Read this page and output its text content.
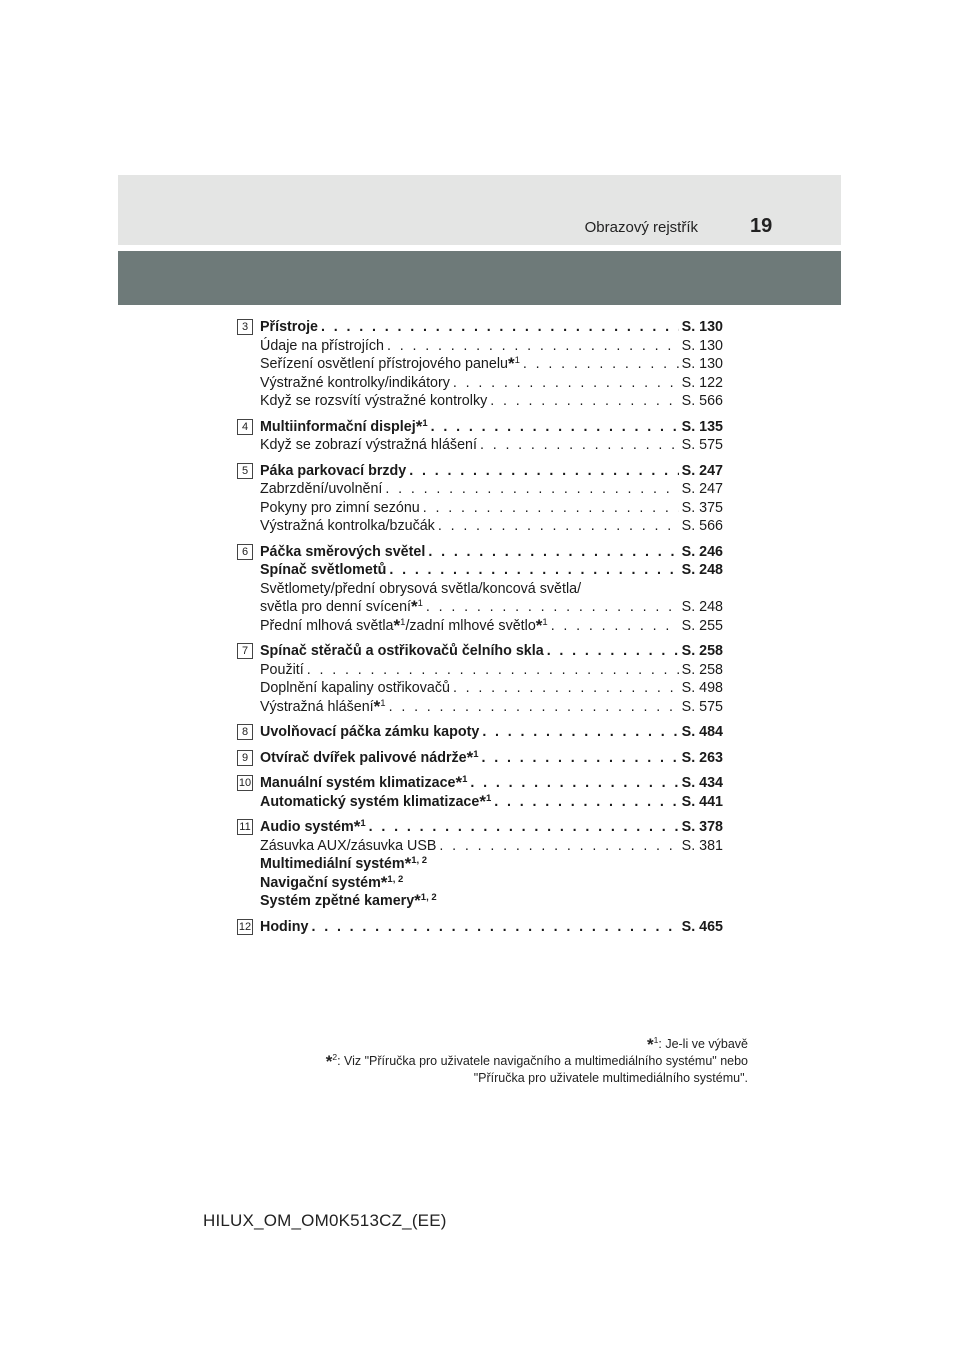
Obrazový rejstřík	19
3 Přístroje . . .	S. 130
Údaje na přístrojích . . .	S. 130
Seřízení osvětlení přístrojového panelu*$^1$ . . .	S. 130
Výstražné kontrolky/indikátory . . .	S. 122
Když se rozsvítí výstražné kontrolky . . .	S. 566
4 Multiinformační displej*$^1$ . . .	S. 135
Když se zobrazí výstražná hlášení . . .	S. 575
5 Páka parkovací brzdy . . .	S. 247
Zabrzdění/uvolnění . . .	S. 247
Pokyny pro zimní sezónu . . .	S. 375
Výstražná kontrolka/bzučák . . .	S. 566
6 Páčka směrových světel . . .	S. 246
Spínač světlometů . . .	S. 248
Světlomety/přední obrysová světla/koncová světla/
světla pro denní svícení*$^1$ . . .	S. 248
Přední mlhová světla*$^1$/zadní mlhové světlo*$^1$ . . .	S. 255
7 Spínač stěračů a ostřikovačů čelního skla . . .	S. 258
Použití . . .	S. 258
Doplnění kapaliny ostřikovačů . . .	S. 498
Výstražná hlášení*$^1$ . . .	S. 575
8 Uvolňovací páčka zámku kapoty . . .	S. 484
9 Otvírač dvířek palivové nádrže*$^1$ . . .	S. 263
10 Manuální systém klimatizace*$^1$ . . .	S. 434
Automatický systém klimatizace*$^1$ . . .	S. 441
11 Audio systém*$^1$ . . .	S. 378
Zásuvka AUX/zásuvka USB . . .	S. 381
Multimediální systém*$^{1, 2}$
Navigační systém*$^{1, 2}$
Systém zpětné kamery*$^{1, 2}$
12 Hodiny . . .	S. 465
*$^1$: Je-li ve výbavě
*$^2$: Viz "Příručka pro uživatele navigačního a multimediálního systému" nebo
"Příručka pro uživatele multimediálního systému".
HILUX_OM_OM0K513CZ_(EE)
